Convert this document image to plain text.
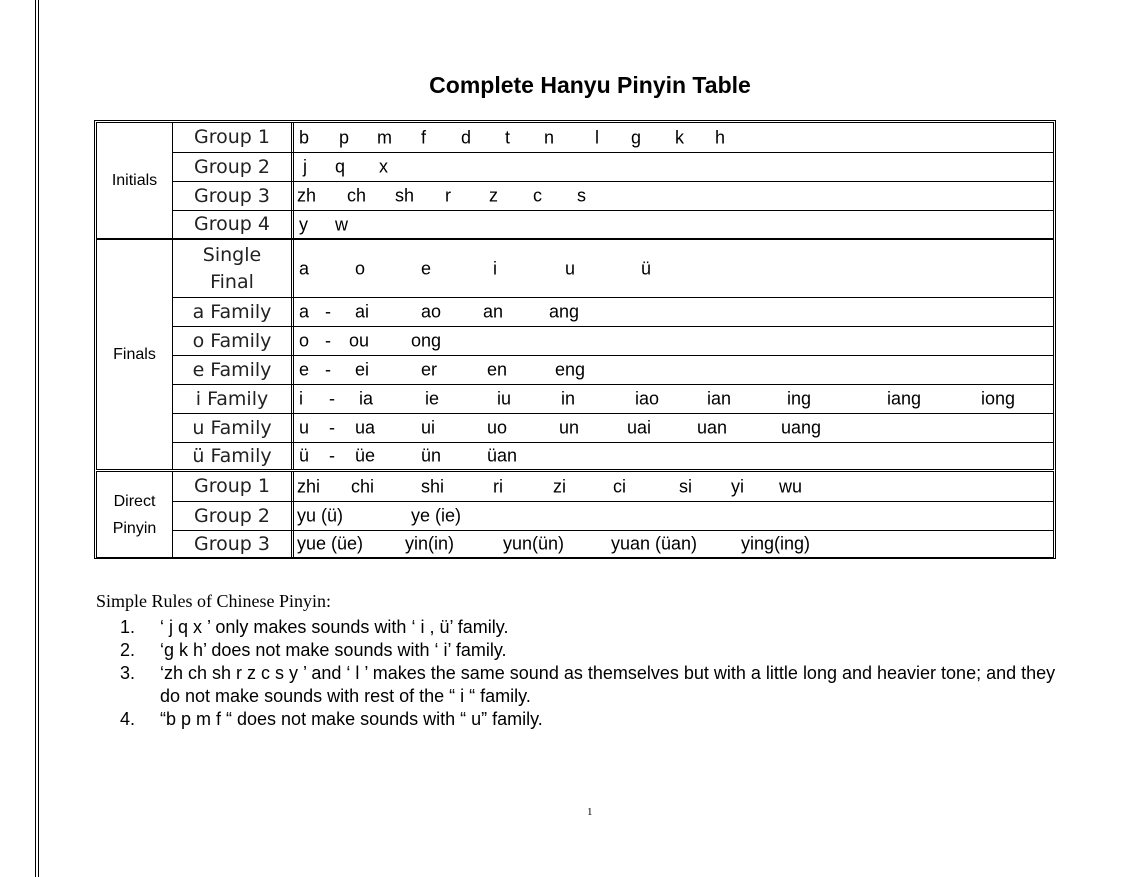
Complete Hanyu Pinyin Table
Initials
Group 1	b p m f d t n l g k h
Group 2	j q x
Group 3	zh ch sh r z c s
Group 4	y w
Finals
Single Final
a	o	e	i	u	ü
a Family	a - ai	ao an	ang
o Family	o - ou ong
e Family	e - ei	er	en	eng
i Family	i - ia	ie	iu	in	iao	ian	ing	iang	iong
u Family	u - ua	ui	uo	un	uai	uan	uang
ü Family	ü - üe	ün	üan
Direct Pinyin
Group 1	zhi chi	shi	ri	zi	ci	si yi wu
Group 2	yu (ü)	ye (ie)
Group 3	yue (üe) yin(in)	yun(ün)	yuan (üan) ying(ing)
Simple Rules of Chinese Pinyin:
1. ‘ j q x ’ only makes sounds with ‘ i , ü’ family.
2. ‘g k h’ does not make sounds with ‘ i’ family.
3. ‘zh ch sh r z c s y ’ and ‘ l ’ makes the same sound as themselves but with a little long and heavier tone; and they do not make sounds with rest of the “ i “ family.
4. “b p m f “ does not make sounds with “ u” family.
1
